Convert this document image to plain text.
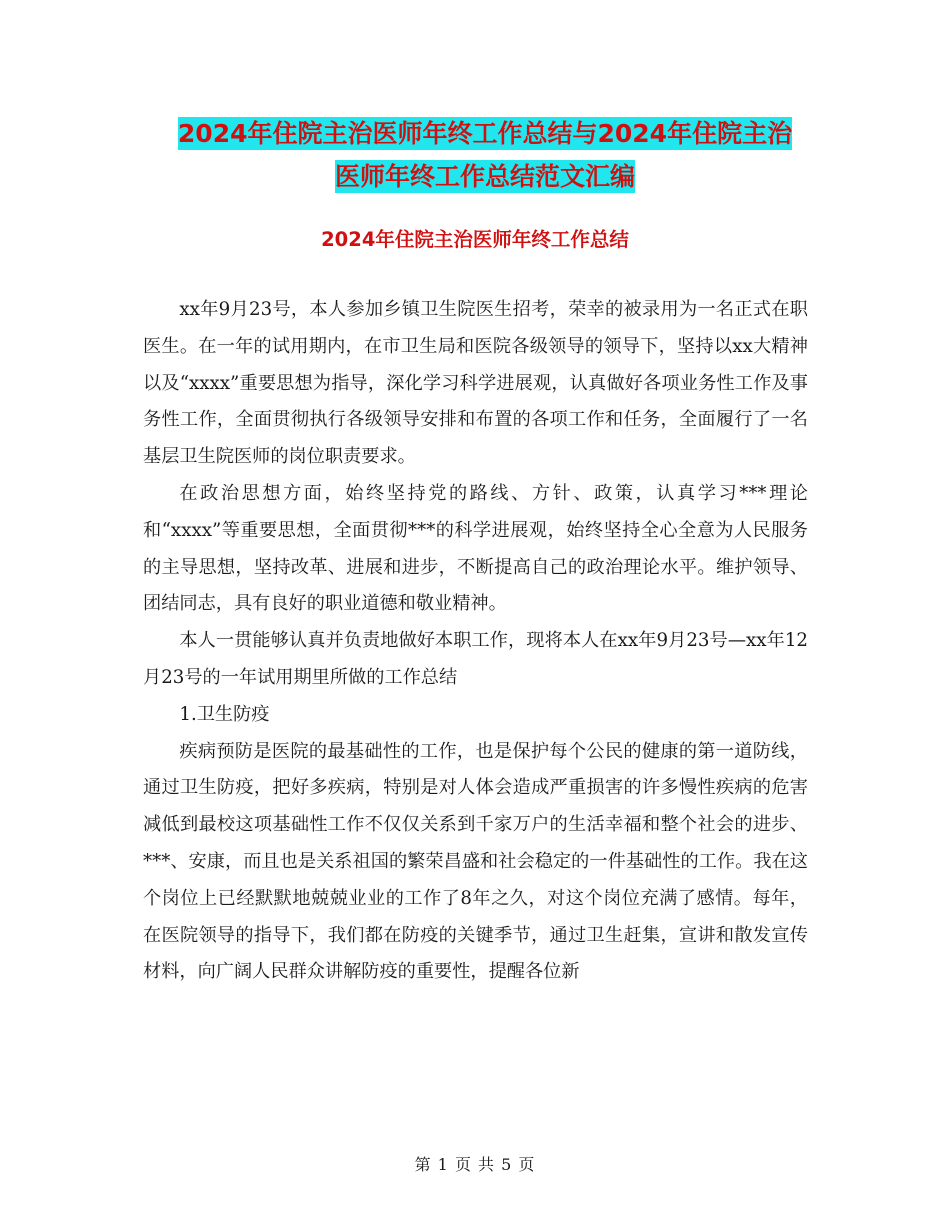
2024年住院主治医师年终工作总结与2024年住院主治
医师年终工作总结范文汇编
2024年住院主治医师年终工作总结

xx年9月23号，本人参加乡镇卫生院医生招考，荣幸的被录用为一名正式在职医生。在一年的试用期内，在市卫生局和医院各级领导的领导下，坚持以xx大精神以及“xxxx”重要思想为指导，深化学习科学进展观，认真做好各项业务性工作及事务性工作，全面贯彻执行各级领导安排和布置的各项工作和任务，全面履行了一名基层卫生院医师的岗位职责要求。

在政治思想方面，始终坚持党的路线、方针、政策，认真学习***理论和“xxxx”等重要思想，全面贯彻***的科学进展观，始终坚持全心全意为人民服务的主导思想，坚持改革、进展和进步，不断提高自己的政治理论水平。维护领导、团结同志，具有良好的职业道德和敬业精神。

本人一贯能够认真并负责地做好本职工作，现将本人在xx年9月23号—xx年12月23号的一年试用期里所做的工作总结

1.卫生防疫

疾病预防是医院的最基础性的工作，也是保护每个公民的健康的第一道防线，通过卫生防疫，把好多疾病，特别是对人体会造成严重损害的许多慢性疾病的危害减低到最校这项基础性工作不仅仅关系到千家万户的生活幸福和整个社会的进步、***、安康，而且也是关系祖国的繁荣昌盛和社会稳定的一件基础性的工作。我在这个岗位上已经默默地兢兢业业的工作了8年之久，对这个岗位充满了感情。每年，在医院领导的指导下，我们都在防疫的关键季节，通过卫生赶集，宣讲和散发宣传材料，向广阔人民群众讲解防疫的重要性，提醒各位新

第 1 页 共 5 页
